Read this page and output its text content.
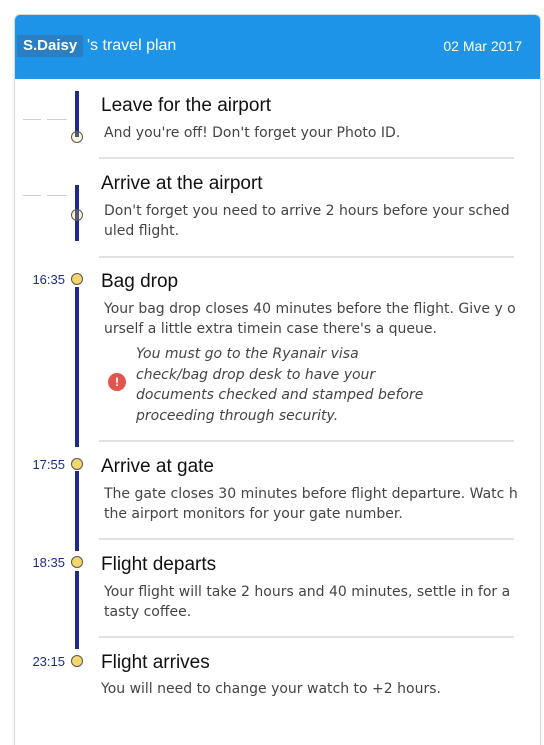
S.Daisy 's travel plan	02 Mar 2017
Leave for the airport
And you're off! Don't forget your Photo ID.
Arrive at the airport
Don't forget you need to arrive 2 hours before your sched uled flight.
16:35 Bag drop
Your bag drop closes 40 minutes before the flight. Give y ourself a little extra timein case there's a queue.
!
You must go to the Ryanair visa check/bag drop desk to have your documents checked and stamped before proceeding through security.
17:55 Arrive at gate
The gate closes 30 minutes before flight departure. Watc h the airport monitors for your gate number.
18:35 Flight departs
Your flight will take 2 hours and 40 minutes, settle in for a tasty coffee.
23:15 Flight arrives
You will need to change your watch to +2 hours.
